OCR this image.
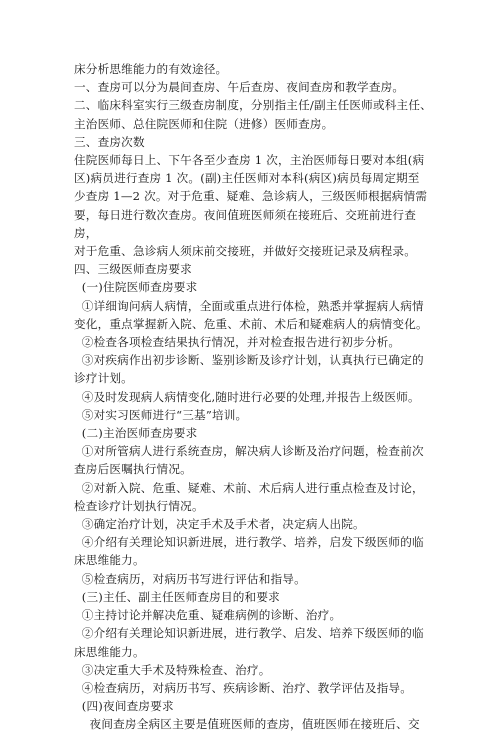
床分析思维能力的有效途径。

一、查房可以分为晨间查房、午后查房、夜间查房和教学查房。

二、临床科室实行三级查房制度，分别指主任/副主任医师或科主任、

主治医师、总住院医师和住院（进修）医师查房。

三、查房次数

住院医师每日上、下午各至少查房 1 次，主治医师每日要对本组(病

区)病员进行查房 1 次。(副)主任医师对本科(病区)病员每周定期至

少查房 1—2 次。对于危重、疑难、急诊病人，三级医师根据病情需

要，每日进行数次查房。夜间值班医师须在接班后、交班前进行查房，

对于危重、急诊病人须床前交接班，并做好交接班记录及病程录。

四、三级医师查房要求

(一)住院医师查房要求

①详细询问病人病情，全面或重点进行体检，熟悉并掌握病人病情

变化，重点掌握新入院、危重、术前、术后和疑难病人的病情变化。

②检查各项检查结果执行情况，并对检查报告进行初步分析。

③对疾病作出初步诊断、鉴别诊断及诊疗计划，认真执行已确定的

诊疗计划。

④及时发现病人病情变化,随时进行必要的处理,并报告上级医师。

⑤对实习医师进行“三基”培训。

(二)主治医师查房要求

①对所管病人进行系统查房，解决病人诊断及治疗问题，检查前次

查房后医嘱执行情况。

②对新入院、危重、疑难、术前、术后病人进行重点检查及讨论，

检查诊疗计划执行情况。

③确定治疗计划，决定手术及手术者，决定病人出院。

④介绍有关理论知识新进展，进行教学、培养，启发下级医师的临

床思维能力。

⑤检查病历，对病历书写进行评估和指导。

(三)主任、副主任医师查房目的和要求

①主持讨论并解决危重、疑难病例的诊断、治疗。

②介绍有关理论知识新进展，进行教学、启发、培养下级医师的临

床思维能力。

③决定重大手术及特殊检查、治疗。

④检查病历，对病历书写、疾病诊断、治疗、教学评估及指导。

(四)夜间查房要求

夜间查房全病区主要是值班医师的查房，值班医师在接班后、交
